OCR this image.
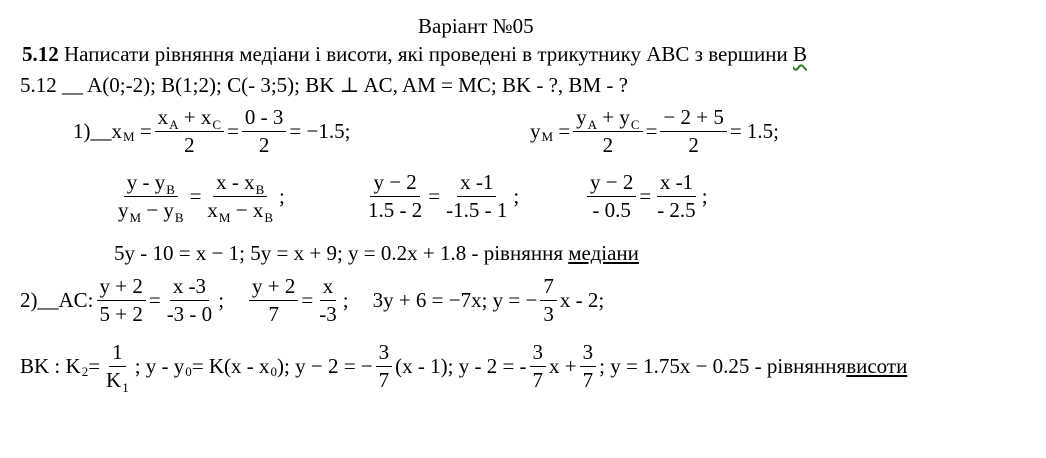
Варіант №05
5.12 Написати рівняння медіани і висоти, які проведені в трикутнику АВС з вершини В
5.12 __ A(0;-2); B(1;2); C(- 3;5); BK ⊥ AC, AM = MC; BK - ?, BM - ?
1)__ x $M = \frac{x_A + x_C}{2} = \frac{0 - 3}{2} = -1.5$;	y $M = \frac{y_A + y_C}{2} = \frac{- 2 + 5}{2} = 1.5$;
$\frac{y - y_B}{y_M - y_B} = \frac{x - x_B}{x_M - x_B}$ ;	$\frac{y - 2}{1.5 - 2} = \frac{x -1}{-1.5 - 1}$ ;	$\frac{y - 2}{- 0.5} = \frac{x -1}{- 2.5}$ ;
5y - 10 = x − 1; 5y = x + 9; y = 0.2x + 1.8 - рівняння медіани
2)__AC: $\frac{y + 2}{5 + 2} = \frac{x -3}{-3 - 0}$ ; $\frac{y + 2}{7} = \frac{x}{-3}$ ; 3y + 6 = −7x; y = − $\frac{7}{3}$ x - 2;
BK : K $2 = \frac{1}{K_1}$ ; y - y 0 = K(x - x 0 ); y − 2 = − $\frac{3}{7} (x - 1)$; y - 2 = - $\frac{3}{7}$ $x + \frac{3}{7}$ ; y = 1.75x − 0.25 - рівняння висоти
